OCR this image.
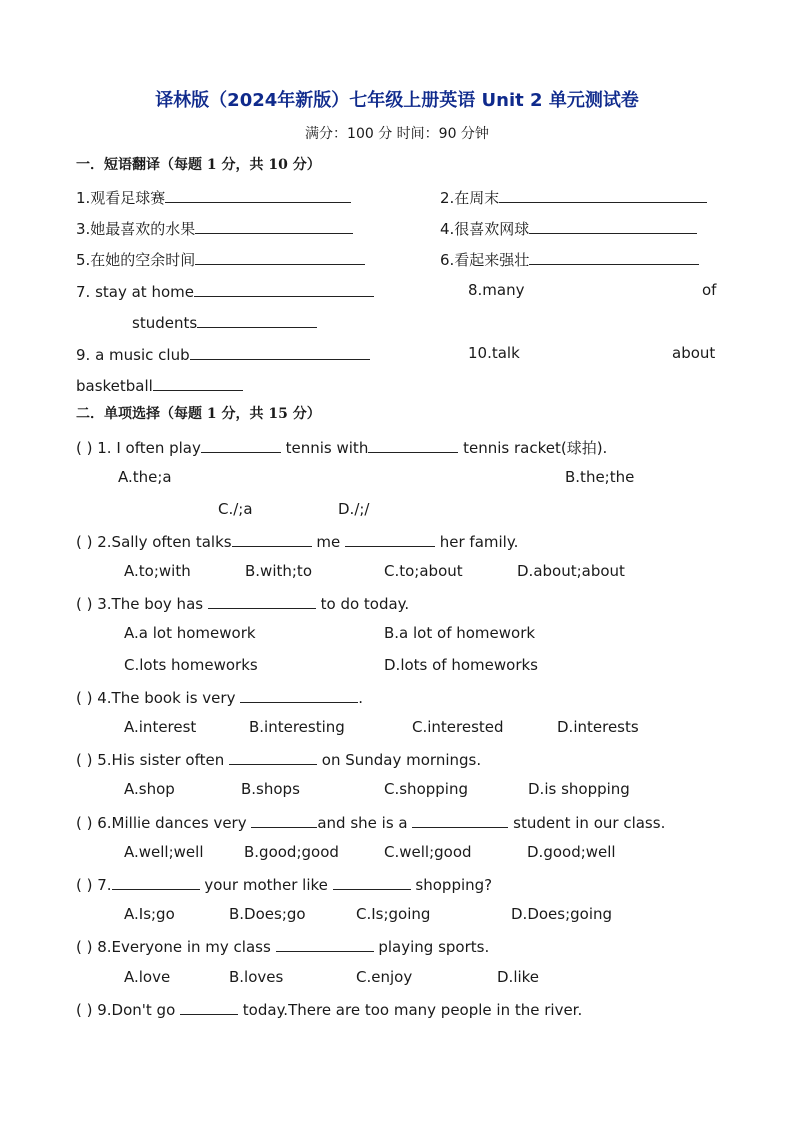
译林版（2024年新版）七年级上册英语 Unit 2 单元测试卷
满分：100 分 时间：90 分钟
一．短语翻译（每题 1 分，共 10 分）
1.观看足球赛	2.在周末
3.她最喜欢的水果	4.很喜欢网球
5.在她的空余时间	6.看起来强壮
7. stay at home	8.many	of
students
9. a music club	10.talk	about
basketball
二．单项选择（每题 1 分，共 15 分）
( ) 1. I often play	tennis with	tennis racket(球拍).
A.the;a	B.the;the
C./;a	D./;/
( ) 2.Sally often talks	me	her family.
A.to;with	B.with;to	C.to;about	D.about;about
( ) 3.The boy has	to do today.
A.a lot homework	B.a lot of homework
C.lots homeworks	D.lots of homeworks
( ) 4.The book is very	.
A.interest	B.interesting	C.interested	D.interests
( ) 5.His sister often	on Sunday mornings.
A.shop	B.shops	C.shopping	D.is shopping
( ) 6.Millie dances very	and she is a	student in our class.
A.well;well	B.good;good	C.well;good	D.good;well
( ) 7.	your mother like	shopping?
A.Is;go	B.Does;go	C.Is;going	D.Does;going
( ) 8.Everyone in my class	playing sports.
A.love	B.loves	C.enjoy	D.like
( ) 9.Don't go	today.There are too many people in the river.
